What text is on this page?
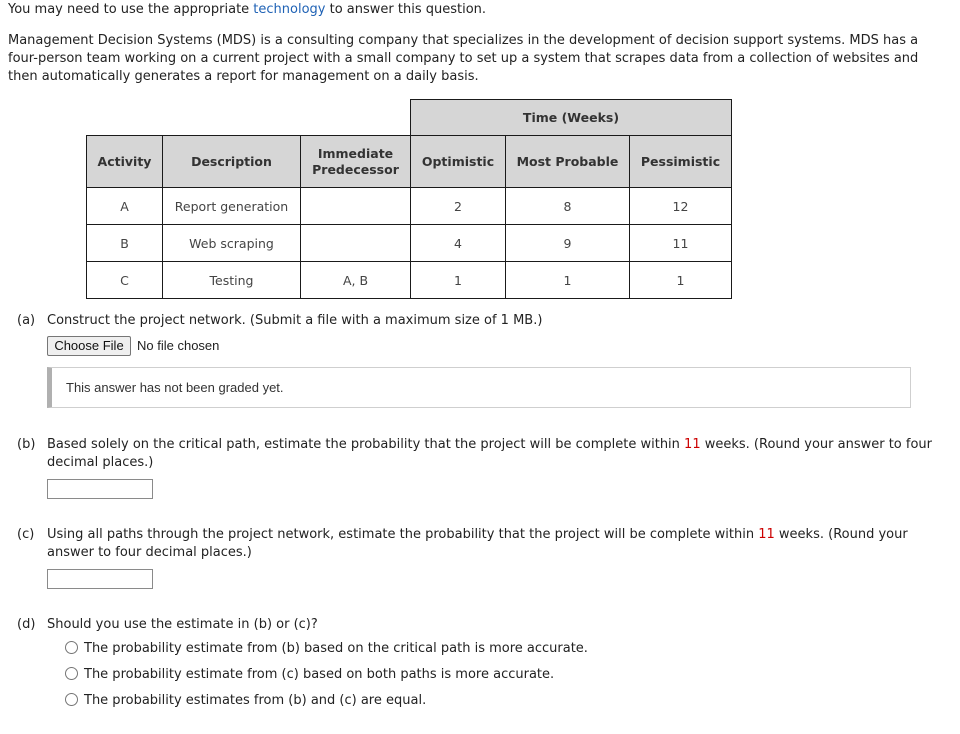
You may need to use the appropriate technology to answer this question.
Management Decision Systems (MDS) is a consulting company that specializes in the development of decision support systems. MDS has a
four-person team working on a current project with a small company to set up a system that scrapes data from a collection of websites and
then automatically generates a report for management on a daily basis.
			Time (Weeks)		
Activity	Description	Immediate
Predecessor	Optimistic	Most Probable	Pessimistic
A	Report generation		2	8	12
B	Web scraping		4	9	11
C	Testing	A, B	1	1	1
(a) Construct the project network. (Submit a file with a maximum size of 1 MB.)
Choose File	No file chosen
This answer has not been graded yet.
(b) Based solely on the critical path, estimate the probability that the project will be complete within 11 weeks. (Round your answer to four
decimal places.)
(c) Using all paths through the project network, estimate the probability that the project will be complete within 11 weeks. (Round your
answer to four decimal places.)
(d) Should you use the estimate in (b) or (c)?
The probability estimate from (b) based on the critical path is more accurate.
The probability estimate from (c) based on both paths is more accurate.
The probability estimates from (b) and (c) are equal.
